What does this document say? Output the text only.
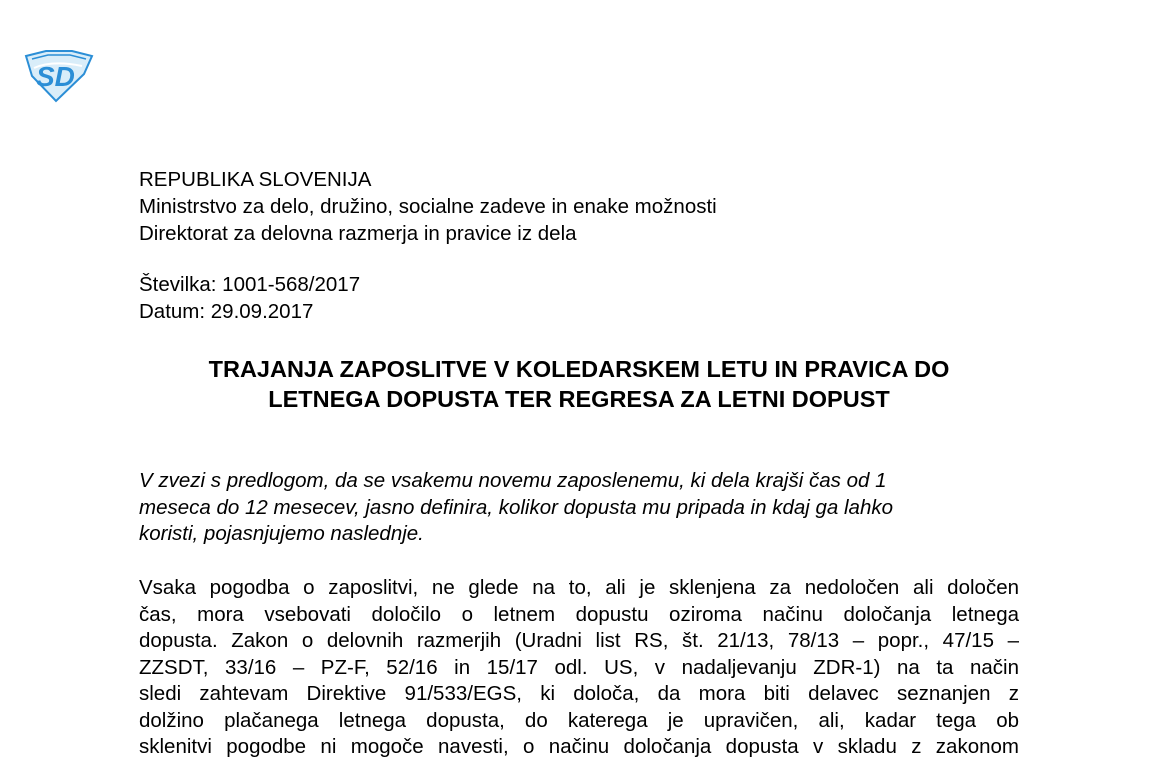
SD
REPUBLIKA SLOVENIJA
Ministrstvo za delo, družino, socialne zadeve in enake možnosti
Direktorat za delovna razmerja in pravice iz dela
Številka: 1001-568/2017
Datum: 29.09.2017
TRAJANJA ZAPOSLITVE V KOLEDARSKEM LETU IN PRAVICA DO
LETNEGA DOPUSTA TER REGRESA ZA LETNI DOPUST

V zvezi s predlogom, da se vsakemu novemu zaposlenemu, ki dela krajši čas od 1
meseca do 12 mesecev, jasno definira, kolikor dopusta mu pripada in kdaj ga lahko
koristi, pojasnjujemo naslednje.

Vsaka pogodba o zaposlitvi, ne glede na to, ali je sklenjena za nedoločen ali določen
čas, mora vsebovati določilo o letnem dopustu oziroma načinu določanja letnega
dopusta. Zakon o delovnih razmerjih (Uradni list RS, št. 21/13, 78/13 – popr., 47/15 –
ZZSDT, 33/16 – PZ-F, 52/16 in 15/17 odl. US, v nadaljevanju ZDR-1) na ta način
sledi zahtevam Direktive 91/533/EGS, ki določa, da mora biti delavec seznanjen z
dolžino plačanega letnega dopusta, do katerega je upravičen, ali, kadar tega ob
sklenitvi pogodbe ni mogoče navesti, o načinu določanja dopusta v skladu z zakonom
